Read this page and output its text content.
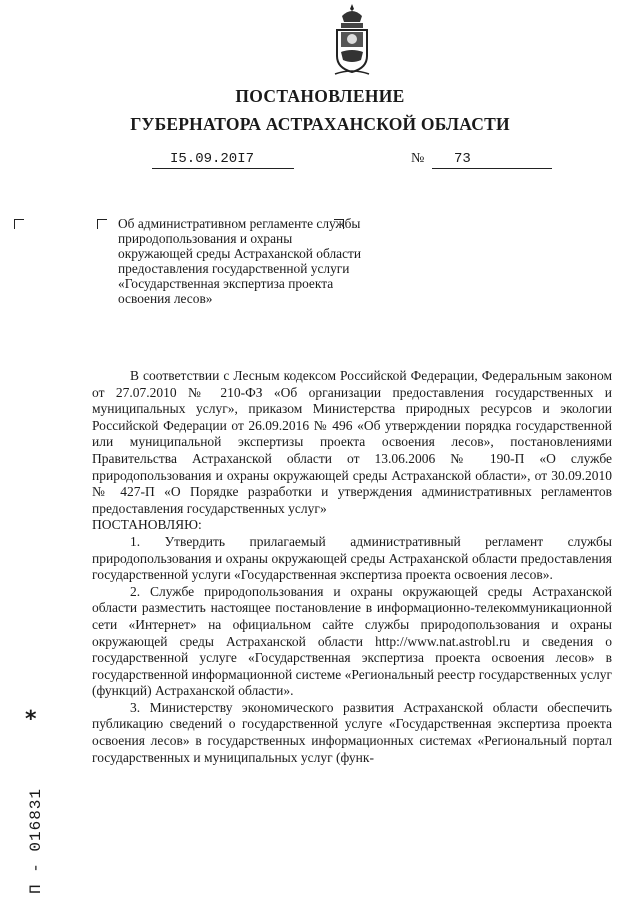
ПОСТАНОВЛЕНИЕ
ГУБЕРНАТОРА АСТРАХАНСКОЙ ОБЛАСТИ
I5.09.20I7	№	73
Об административном регламенте службы природопользования и охраны окружающей среды Астраханской области предоставления государственной услуги «Государственная экспертиза проекта освоения лесов»

В соответствии с Лесным кодексом Российской Федерации, Федеральным законом от 27.07.2010 № 210-ФЗ «Об организации предоставления государственных и муниципальных услуг», приказом Министерства природных ресурсов и экологии Российской Федерации от 26.09.2016 № 496 «Об утверждении порядка государственной или муниципальной экспертизы проекта освоения лесов», постановлениями Правительства Астраханской области от 13.06.2006 № 190-П «О службе природопользования и охраны окружающей среды Астраханской области», от 30.09.2010 № 427-П «О Порядке разработки и утверждения административных регламентов предоставления государственных услуг»

ПОСТАНОВЛЯЮ:

1. Утвердить прилагаемый административный регламент службы природопользования и охраны окружающей среды Астраханской области предоставления государственной услуги «Государственная экспертиза проекта освоения лесов».

2. Службе природопользования и охраны окружающей среды Астраханской области разместить настоящее постановление в информационно-телекоммуникационной сети «Интернет» на официальном сайте службы природопользования и охраны окружающей среды Астраханской области http://www.nat.astrobl.ru и сведения о государственной услуге «Государственная экспертиза проекта освоения лесов» в государственной информационной системе «Региональный реестр государственных услуг (функций) Астраханской области».

3. Министерству экономического развития Астраханской области обеспечить публикацию сведений о государственной услуге «Государственная экспертиза проекта освоения лесов» в государственных информационных системах «Региональный портал государственных и муниципальных услуг (функ-

*
П - 016831
